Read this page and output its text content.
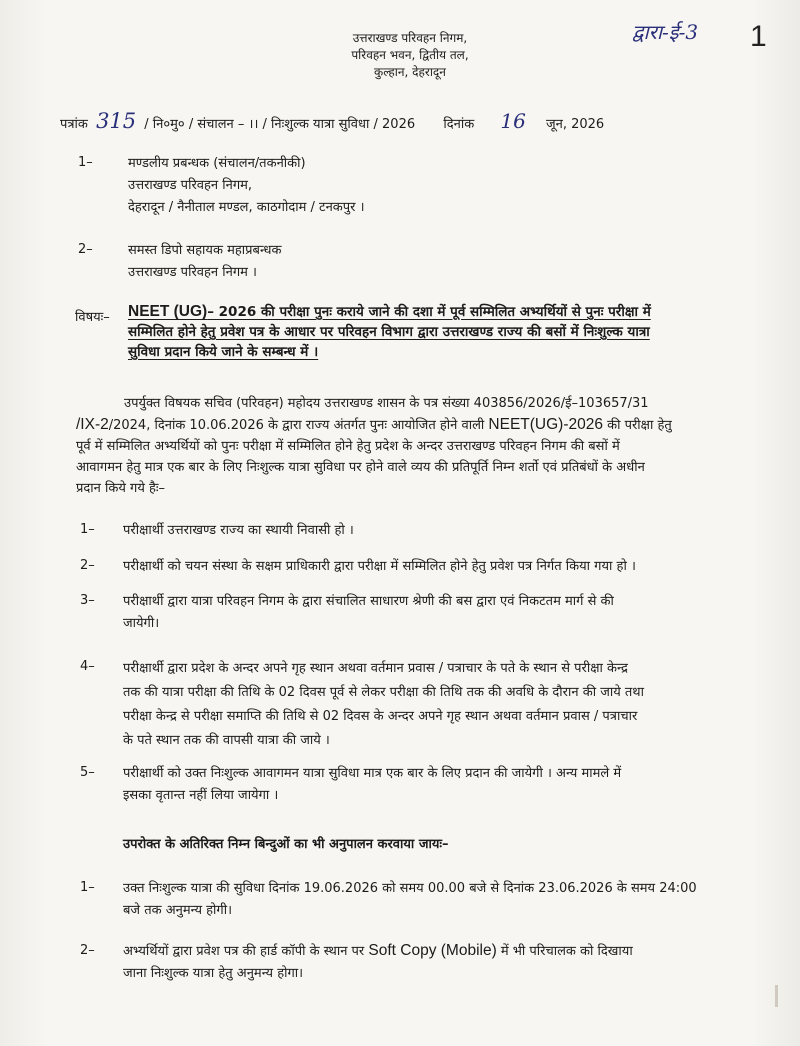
उत्तराखण्ड परिवहन निगम,
परिवहन भवन, द्वितीय तल,
कुल्हान, देहरादून
द्वारा-ई-3 1
पत्रांक 315 / नि०मु० / संचालन – ।। / निःशुल्क यात्रा सुविधा / 2026 दिनांक 16 जून, 2026
1–	मण्डलीय प्रबन्धक (संचालन/तकनीकी)
उत्तराखण्ड परिवहन निगम,
देहरादून / नैनीताल मण्डल, काठगोदाम / टनकपुर ।
2–	समस्त डिपो सहायक महाप्रबन्धक
उत्तराखण्ड परिवहन निगम ।
विषयः– NEET (UG)– 2026 की परीक्षा पुनः कराये जाने की दशा में पूर्व सम्मिलित अभ्यर्थियों से पुनः परीक्षा में
सम्मिलित होने हेतु प्रवेश पत्र के आधार पर परिवहन विभाग द्वारा उत्तराखण्ड राज्य की बसों में निःशुल्क यात्रा
सुविधा प्रदान किये जाने के सम्बन्ध में ।
उपर्युक्त विषयक सचिव (परिवहन) महोदय उत्तराखण्ड शासन के पत्र संख्या 403856/2026/ई–103657/31
/IX-2/2024, दिनांक 10.06.2026 के द्वारा राज्य अंतर्गत पुनः आयोजित होने वाली NEET(UG)-2026 की परीक्षा हेतु
पूर्व में सम्मिलित अभ्यर्थियों को पुनः परीक्षा में सम्मिलित होने हेतु प्रदेश के अन्दर उत्तराखण्ड परिवहन निगम की बसों में
आवागमन हेतु मात्र एक बार के लिए निःशुल्क यात्रा सुविधा पर होने वाले व्यय की प्रतिपूर्ति निम्न शर्तो एवं प्रतिबंधों के अधीन
प्रदान किये गये हैः–
1– परीक्षार्थी उत्तराखण्ड राज्य का स्थायी निवासी हो ।
2– परीक्षार्थी को चयन संस्था के सक्षम प्राधिकारी द्वारा परीक्षा में सम्मिलित होने हेतु प्रवेश पत्र निर्गत किया गया हो ।
3– परीक्षार्थी द्वारा यात्रा परिवहन निगम के द्वारा संचालित साधारण श्रेणी की बस द्वारा एवं निकटतम मार्ग से की
जायेगी।
4– परीक्षार्थी द्वारा प्रदेश के अन्दर अपने गृह स्थान अथवा वर्तमान प्रवास / पत्राचार के पते के स्थान से परीक्षा केन्द्र
तक की यात्रा परीक्षा की तिथि के 02 दिवस पूर्व से लेकर परीक्षा की तिथि तक की अवधि के दौरान की जाये तथा
परीक्षा केन्द्र से परीक्षा समाप्ति की तिथि से 02 दिवस के अन्दर अपने गृह स्थान अथवा वर्तमान प्रवास / पत्राचार
के पते स्थान तक की वापसी यात्रा की जाये ।
5– परीक्षार्थी को उक्त निःशुल्क आवागमन यात्रा सुविधा मात्र एक बार के लिए प्रदान की जायेगी । अन्य मामले में
इसका वृतान्त नहीं लिया जायेगा ।
उपरोक्त के अतिरिक्त निम्न बिन्दुओं का भी अनुपालन करवाया जायः–
1– उक्त निःशुल्क यात्रा की सुविधा दिनांक 19.06.2026 को समय 00.00 बजे से दिनांक 23.06.2026 के समय 24:00
बजे तक अनुमन्य होगी।
2– अभ्यर्थियों द्वारा प्रवेश पत्र की हार्ड कॉपी के स्थान पर Soft Copy (Mobile) में भी परिचालक को दिखाया
जाना निःशुल्क यात्रा हेतु अनुमन्य होगा।
